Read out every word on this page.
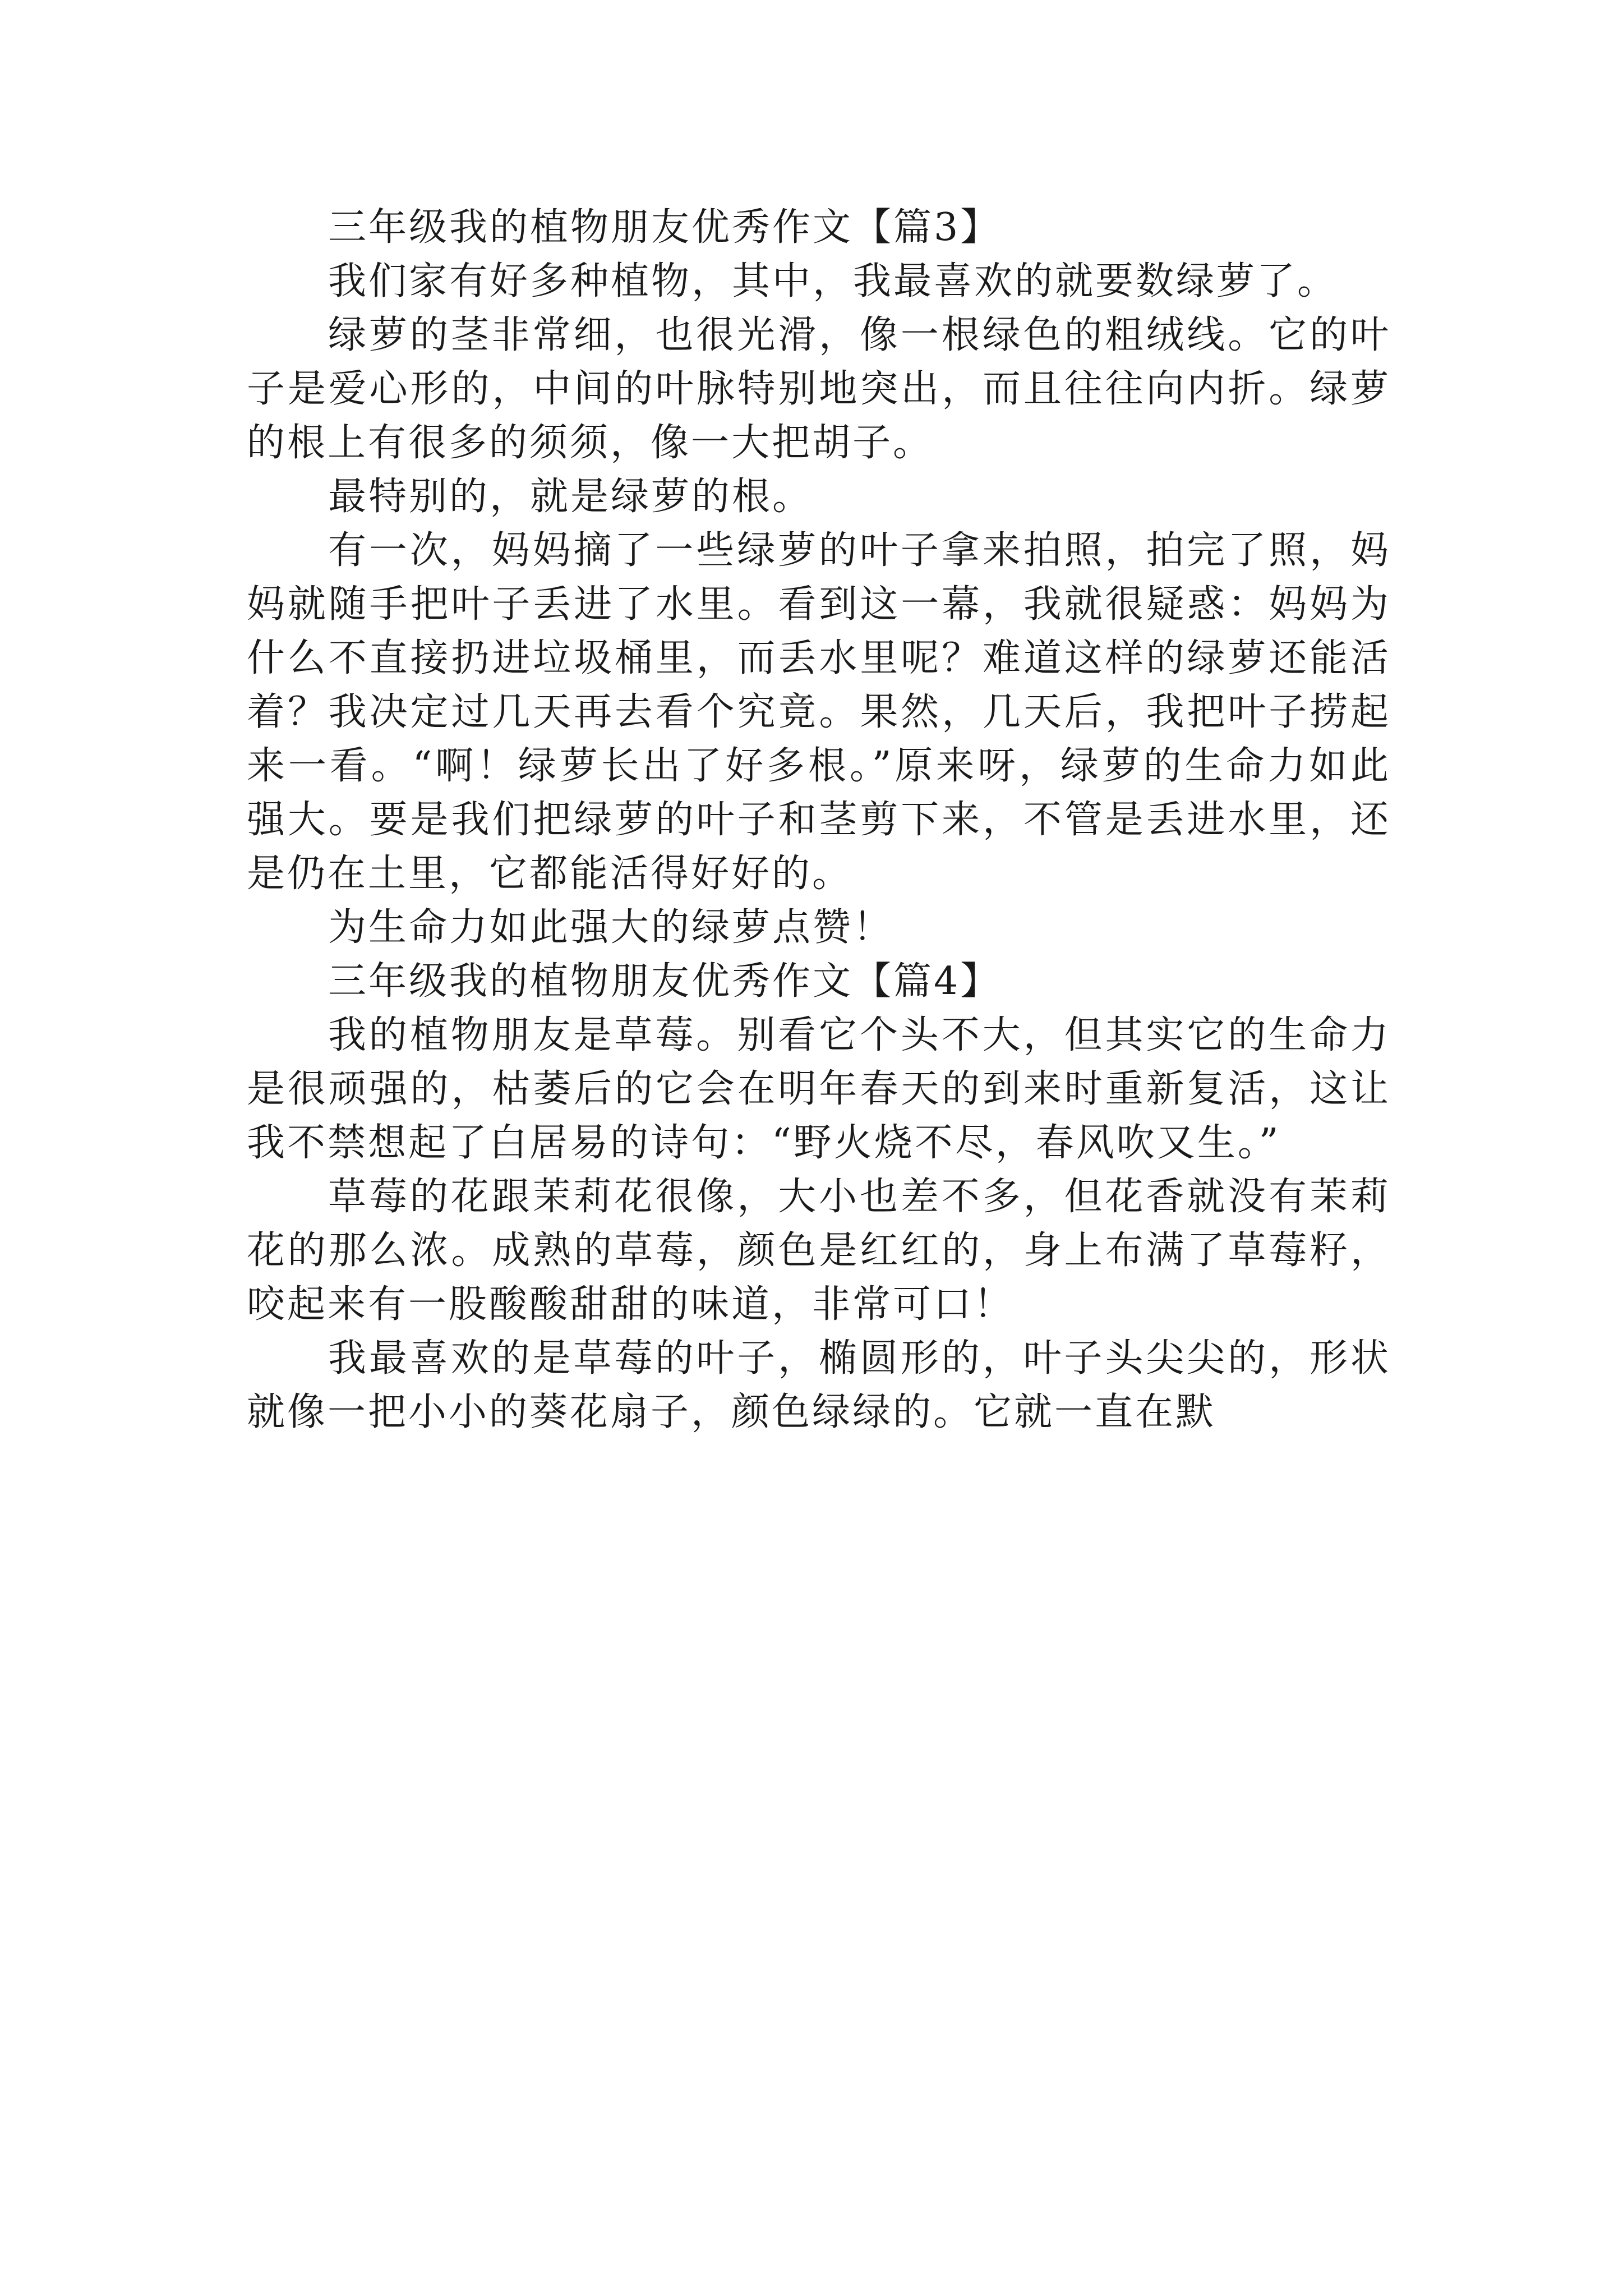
三年级我的植物朋友优秀作文【篇3】

我们家有好多种植物，其中，我最喜欢的就要数绿萝了。

绿萝的茎非常细，也很光滑，像一根绿色的粗绒线。它的叶子是爱心形的，中间的叶脉特别地突出，而且往往向内折。绿萝的根上有很多的须须，像一大把胡子。

最特别的，就是绿萝的根。

有一次，妈妈摘了一些绿萝的叶子拿来拍照，拍完了照，妈妈就随手把叶子丢进了水里。看到这一幕，我就很疑惑：妈妈为什么不直接扔进垃圾桶里，而丢水里呢？难道这样的绿萝还能活着？我决定过几天再去看个究竟。果然，几天后，我把叶子捞起来一看。“啊！绿萝长出了好多根。”原来呀，绿萝的生命力如此强大。要是我们把绿萝的叶子和茎剪下来，不管是丢进水里，还是仍在土里，它都能活得好好的。

为生命力如此强大的绿萝点赞！

三年级我的植物朋友优秀作文【篇4】

我的植物朋友是草莓。别看它个头不大，但其实它的生命力是很顽强的，枯萎后的它会在明年春天的到来时重新复活，这让我不禁想起了白居易的诗句：“野火烧不尽，春风吹又生。”

草莓的花跟茉莉花很像，大小也差不多，但花香就没有茉莉花的那么浓。成熟的草莓，颜色是红红的，身上布满了草莓籽，咬起来有一股酸酸甜甜的味道，非常可口！

我最喜欢的是草莓的叶子，椭圆形的，叶子头尖尖的，形状就像一把小小的葵花扇子，颜色绿绿的。它就一直在默
